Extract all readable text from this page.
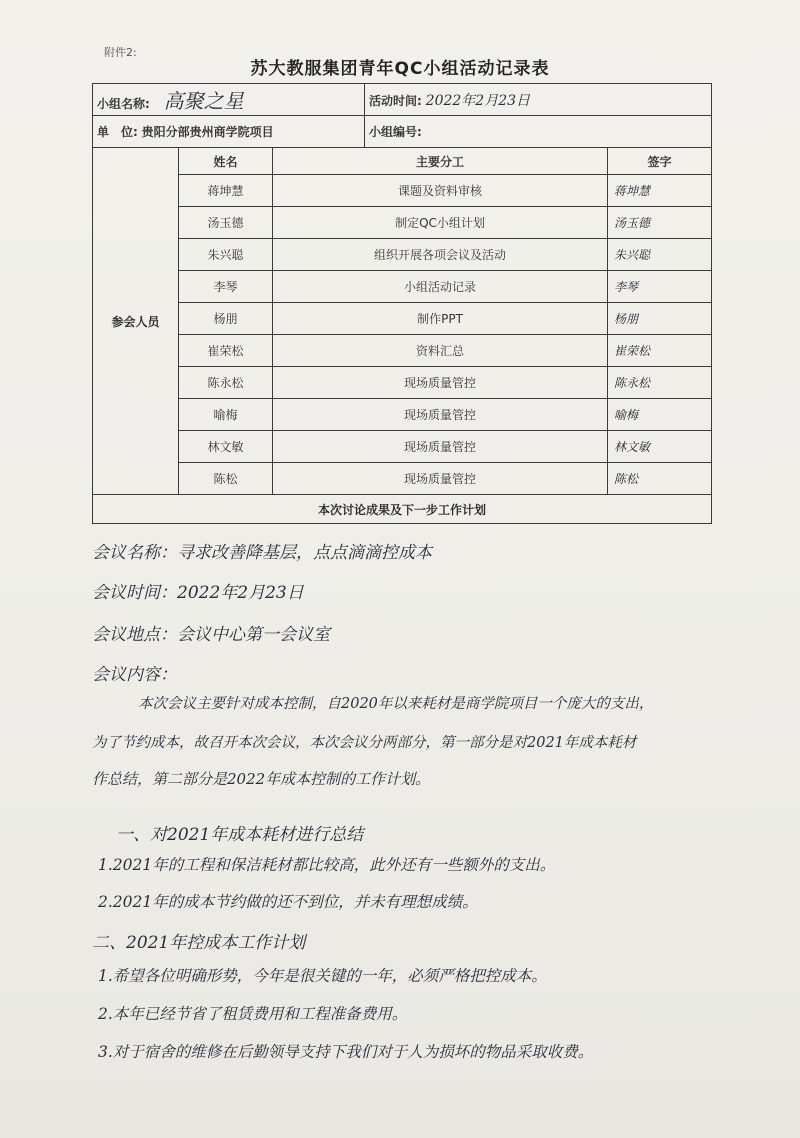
附件2:
苏大教服集团青年QC小组活动记录表
小组名称: 高聚之星			活动时间: 2022年2月23日	
单　位: 贵阳分部贵州商学院项目			小组编号:	
参会人员	姓名	主要分工		签字
	蒋坤慧	课题及资料审核		蒋坤慧
	汤玉德	制定QC小组计划		汤玉德
	朱兴聪	组织开展各项会议及活动		朱兴聪
	李琴	小组活动记录		李琴
	杨朋	制作PPT		杨朋
	崔荣松	资料汇总		崔荣松
	陈永松	现场质量管控		陈永松
	喻梅	现场质量管控		喻梅
	林文敏	现场质量管控		林文敏
	陈松	现场质量管控		陈松
本次讨论成果及下一步工作计划				
会议名称：寻求改善降基层，点点滴滴控成本
会议时间：2022年2月23日
会议地点：会议中心第一会议室
会议内容：
本次会议主要针对成本控制，自2020年以来耗材是商学院项目一个庞大的支出，
为了节约成本，故召开本次会议，本次会议分两部分，第一部分是对2021年成本耗材
作总结，第二部分是2022年成本控制的工作计划。
一、对2021年成本耗材进行总结
1.2021年的工程和保洁耗材都比较高，此外还有一些额外的支出。
2.2021年的成本节约做的还不到位，并未有理想成绩。
二、2021年控成本工作计划
1.希望各位明确形势，今年是很关键的一年，必须严格把控成本。
2.本年已经节省了租赁费用和工程准备费用。
3.对于宿舍的维修在后勤领导支持下我们对于人为损坏的物品采取收费。
